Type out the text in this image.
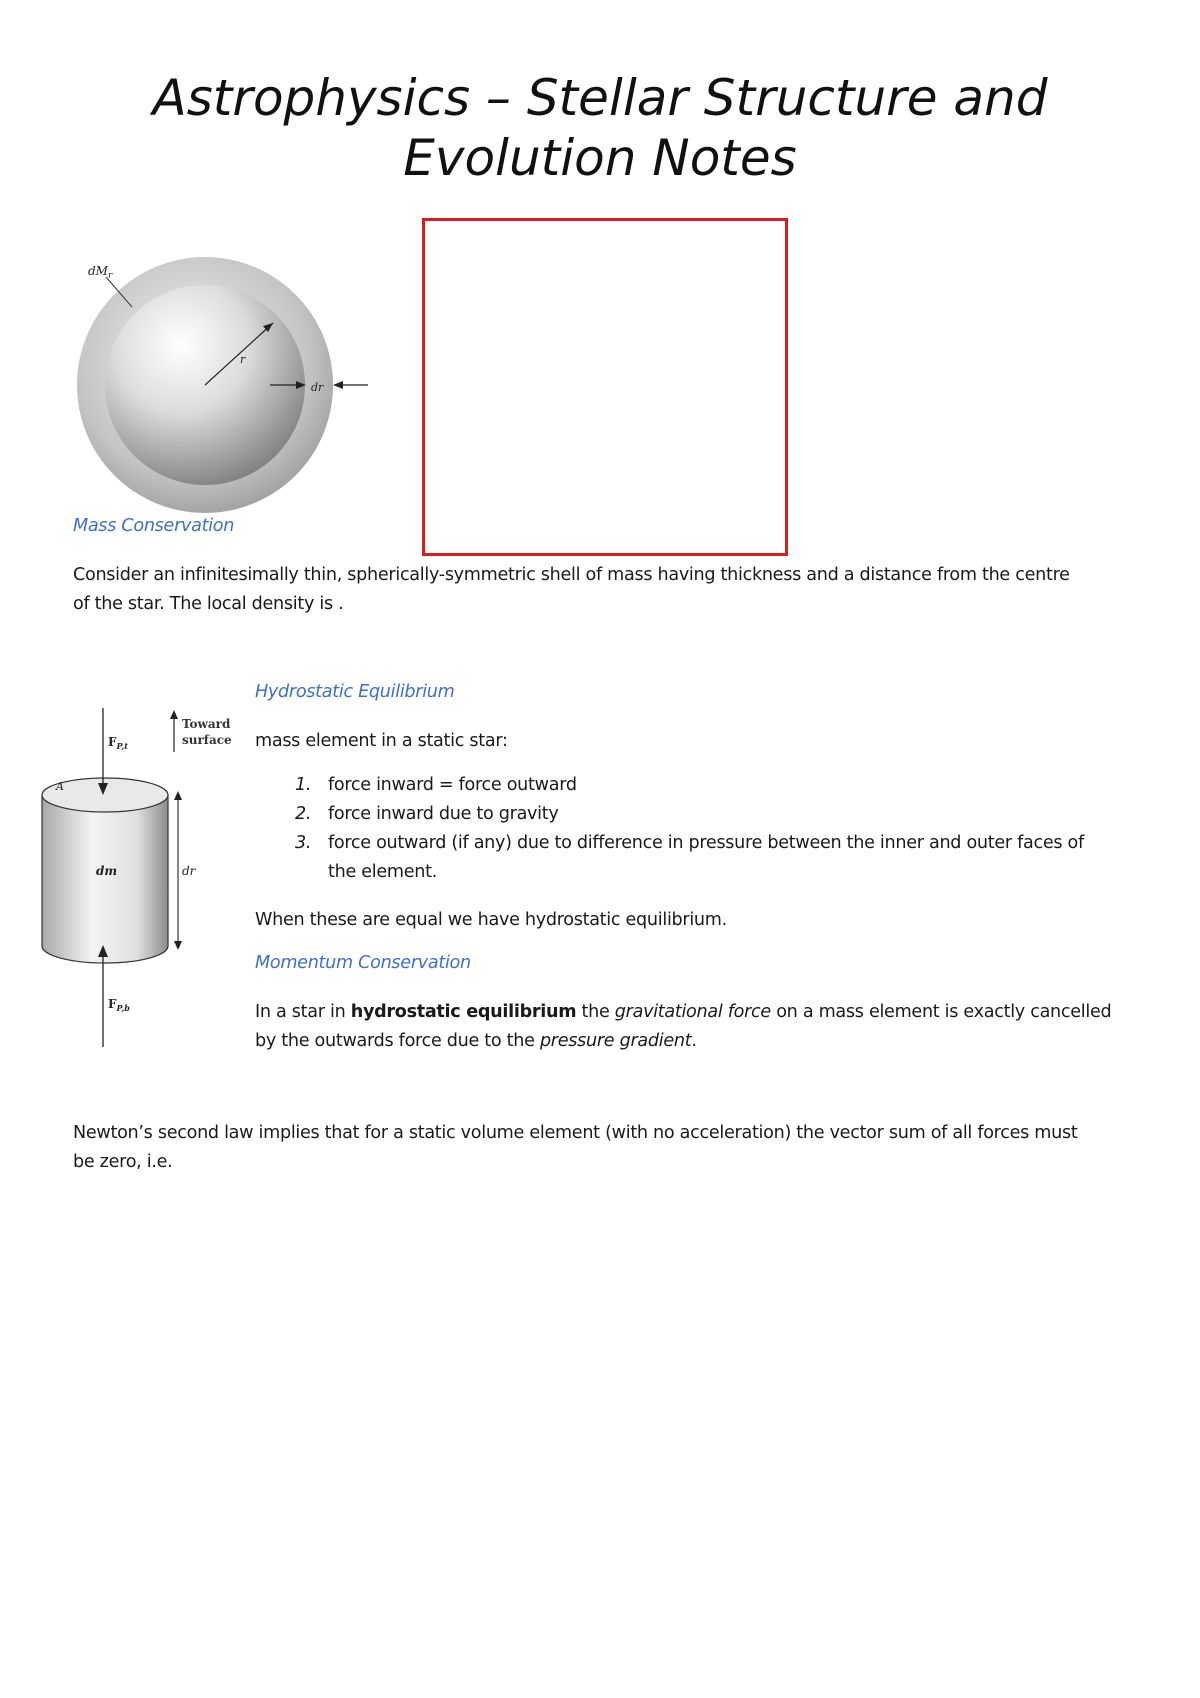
Astrophysics – Stellar Structure and
Evolution Notes
$dM_r$
r
dr
Mass Conservation
Consider an infinitesimally thin, spherically-symmetric shell of mass having thickness and a distance from the centre
of the star. The local density is .
$F_{P,t}$
Toward
surface
A
dm	dr
$F_{P,b}$
Hydrostatic Equilibrium
mass element in a static star:
1. force inward = force outward
2. force inward due to gravity
3. force outward (if any) due to difference in pressure between the inner and outer faces of
the element.
When these are equal we have hydrostatic equilibrium.
Momentum Conservation
In a star in hydrostatic equilibrium the gravitational force on a mass element is exactly cancelled
by the outwards force due to the pressure gradient.
Newton’s second law implies that for a static volume element (with no acceleration) the vector sum of all forces must
be zero, i.e.
